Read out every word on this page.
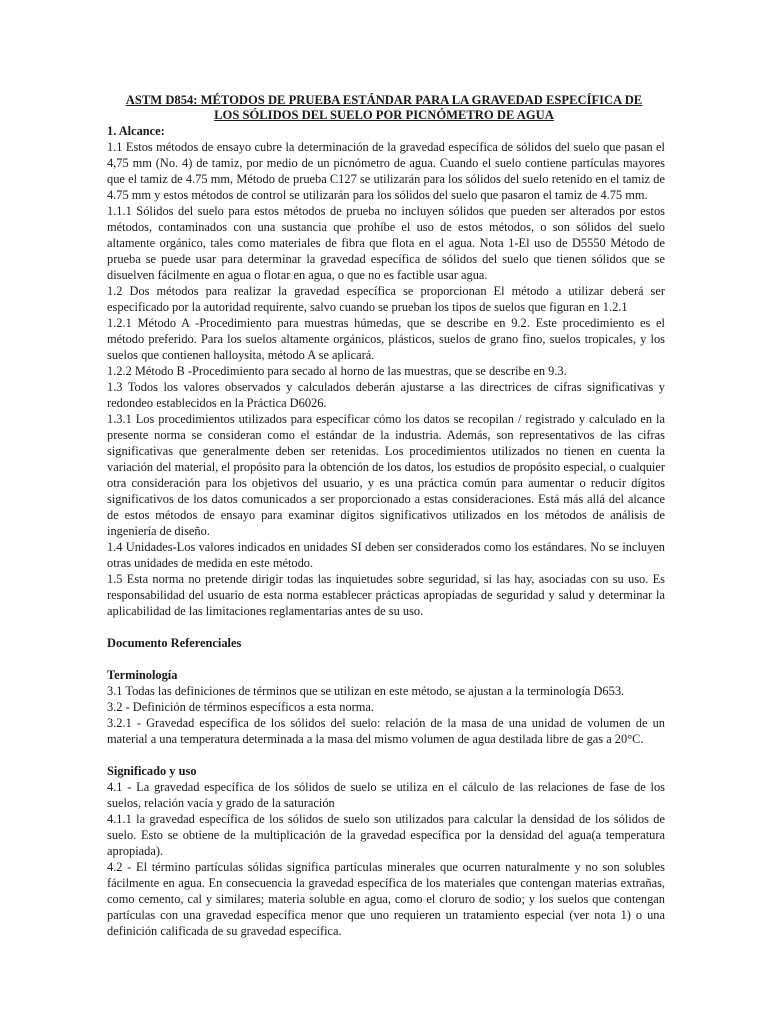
ASTM D854: MÉTODOS DE PRUEBA ESTÁNDAR PARA LA GRAVEDAD ESPECÍFICA DE
LOS SÓLIDOS DEL SUELO POR PICNÓMETRO DE AGUA

1. Alcance:

1.1 Estos métodos de ensayo cubre la determinación de la gravedad específica de sólidos del suelo que pasan el 4,75 mm (No. 4) de tamiz, por medio de un picnómetro de agua. Cuando el suelo contiene partículas mayores que el tamiz de 4.75 mm, Método de prueba C127 se utilizarán para los sólidos del suelo retenido en el tamiz de 4.75 mm y estos métodos de control se utilizarán para los sólidos del suelo que pasaron el tamiz de 4.75 mm.

1.1.1 Sólidos del suelo para estos métodos de prueba no incluyen sólidos que pueden ser alterados por estos métodos, contaminados con una sustancia que prohíbe el uso de estos métodos, o son sólidos del suelo altamente orgánico, tales como materiales de fibra que flota en el agua. Nota 1-El uso de D5550 Método de prueba se puede usar para determinar la gravedad específica de sólidos del suelo que tienen sólidos que se disuelven fácilmente en agua o flotar en agua, o que no es factible usar agua.

1.2 Dos métodos para realizar la gravedad específica se proporcionan El método a utilizar deberá ser especificado por la autoridad requirente, salvo cuando se prueban los tipos de suelos que figuran en 1.2.1

1.2.1 Método A -Procedimiento para muestras húmedas, que se describe en 9.2. Este procedimiento es el método preferido. Para los suelos altamente orgánicos, plásticos, suelos de grano fino, suelos tropicales, y los suelos que contienen halloysita, método A se aplicará.

1.2.2 Método B -Procedimiento para secado al horno de las muestras, que se describe en 9.3.

1.3 Todos los valores observados y calculados deberán ajustarse a las directrices de cifras significativas y redondeo establecidos en la Práctica D6026.

1.3.1 Los procedimientos utilizados para especificar cómo los datos se recopilan / registrado y calculado en la presente norma se consideran como el estándar de la industria. Además, son representativos de las cifras significativas que generalmente deben ser retenidas. Los procedimientos utilizados no tienen en cuenta la variación del material, el propósito para la obtención de los datos, los estudios de propósito especial, o cualquier otra consideración para los objetivos del usuario, y es una práctica común para aumentar o reducir dígitos significativos de los datos comunicados a ser proporcionado a estas consideraciones. Está más allá del alcance de estos métodos de ensayo para examinar dígitos significativos utilizados en los métodos de análisis de ingeniería de diseño.

1.4 Unidades-Los valores indicados en unidades SI deben ser considerados como los estándares. No se incluyen otras unidades de medida en este método.

1.5 Esta norma no pretende dirigir todas las inquietudes sobre seguridad, si las hay, asociadas con su uso. Es responsabilidad del usuario de esta norma establecer prácticas apropiadas de seguridad y salud y determinar la aplicabilidad de las limitaciones reglamentarias antes de su uso.

Documento Referenciales

Terminología

3.1 Todas las definiciones de términos que se utilizan en este método, se ajustan a la terminología D653.

3.2 - Definición de términos específicos a esta norma.

3.2.1 - Gravedad específica de los sólidos del suelo: relación de la masa de una unidad de volumen de un material a una temperatura determinada a la masa del mismo volumen de agua destilada libre de gas a 20°C.

Significado y uso

4.1 - La gravedad específica de los sólidos de suelo se utiliza en el cálculo de las relaciones de fase de los suelos, relación vacía y grado de la saturación

4.1.1 la gravedad específica de los sólidos de suelo son utilizados para calcular la densidad de los sólidos de suelo. Esto se obtiene de la multiplicación de la gravedad específica por la densidad del agua(a temperatura apropiada).

4.2 - El término partículas sólidas significa partículas minerales que ocurren naturalmente y no son solubles fácilmente en agua. En consecuencia la gravedad específica de los materiales que contengan materias extrañas, como cemento, cal y similares; materia soluble en agua, como el cloruro de sodio; y los suelos que contengan partículas con una gravedad específica menor que uno requieren un tratamiento especial (ver nota 1) o una definición calificada de su gravedad específica.
